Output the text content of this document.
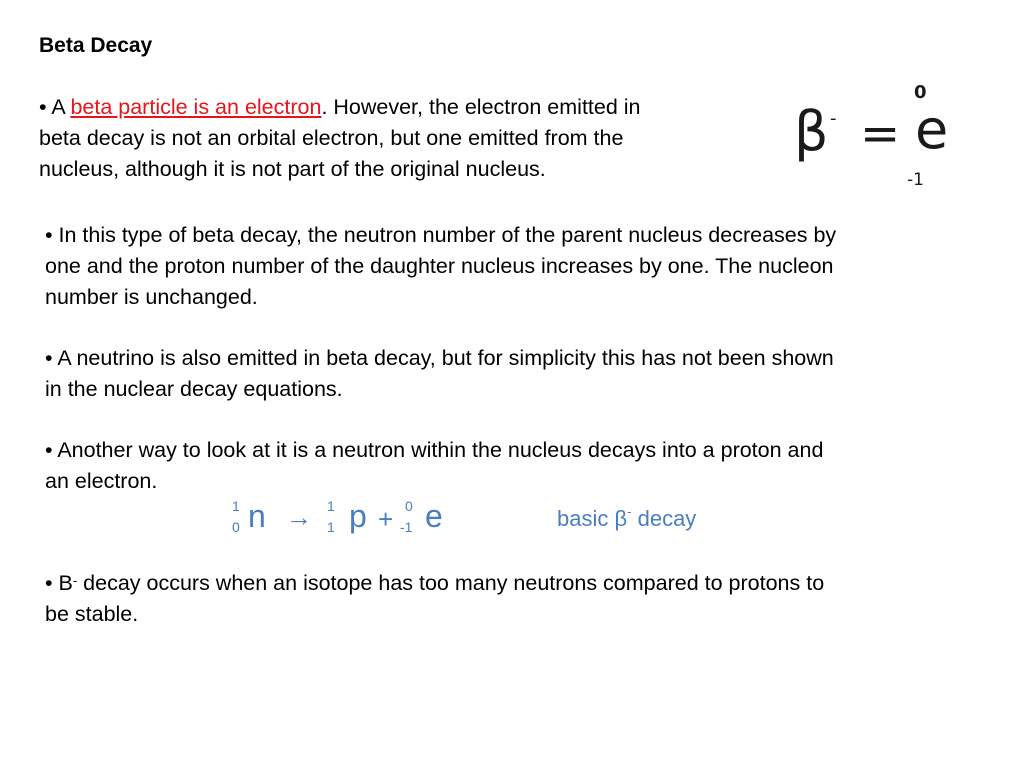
Beta Decay
• A beta particle is an electron. However, the electron emitted in
beta decay is not an orbital electron, but one emitted from the
nucleus, although it is not part of the original nucleus.
β - =
0
e
-1
• In this type of beta decay, the neutron number of the parent nucleus decreases by
one and the proton number of the daughter nucleus increases by one. The nucleon
number is unchanged.
• A neutrino is also emitted in beta decay, but for simplicity this has not been shown
in the nuclear decay equations.
• Another way to look at it is a neutron within the nucleus decays into a proton and
an electron.
1
0 n → 1
1 p + 0
-1 e	basic β- decay
• B- decay occurs when an isotope has too many neutrons compared to protons to
be stable.
